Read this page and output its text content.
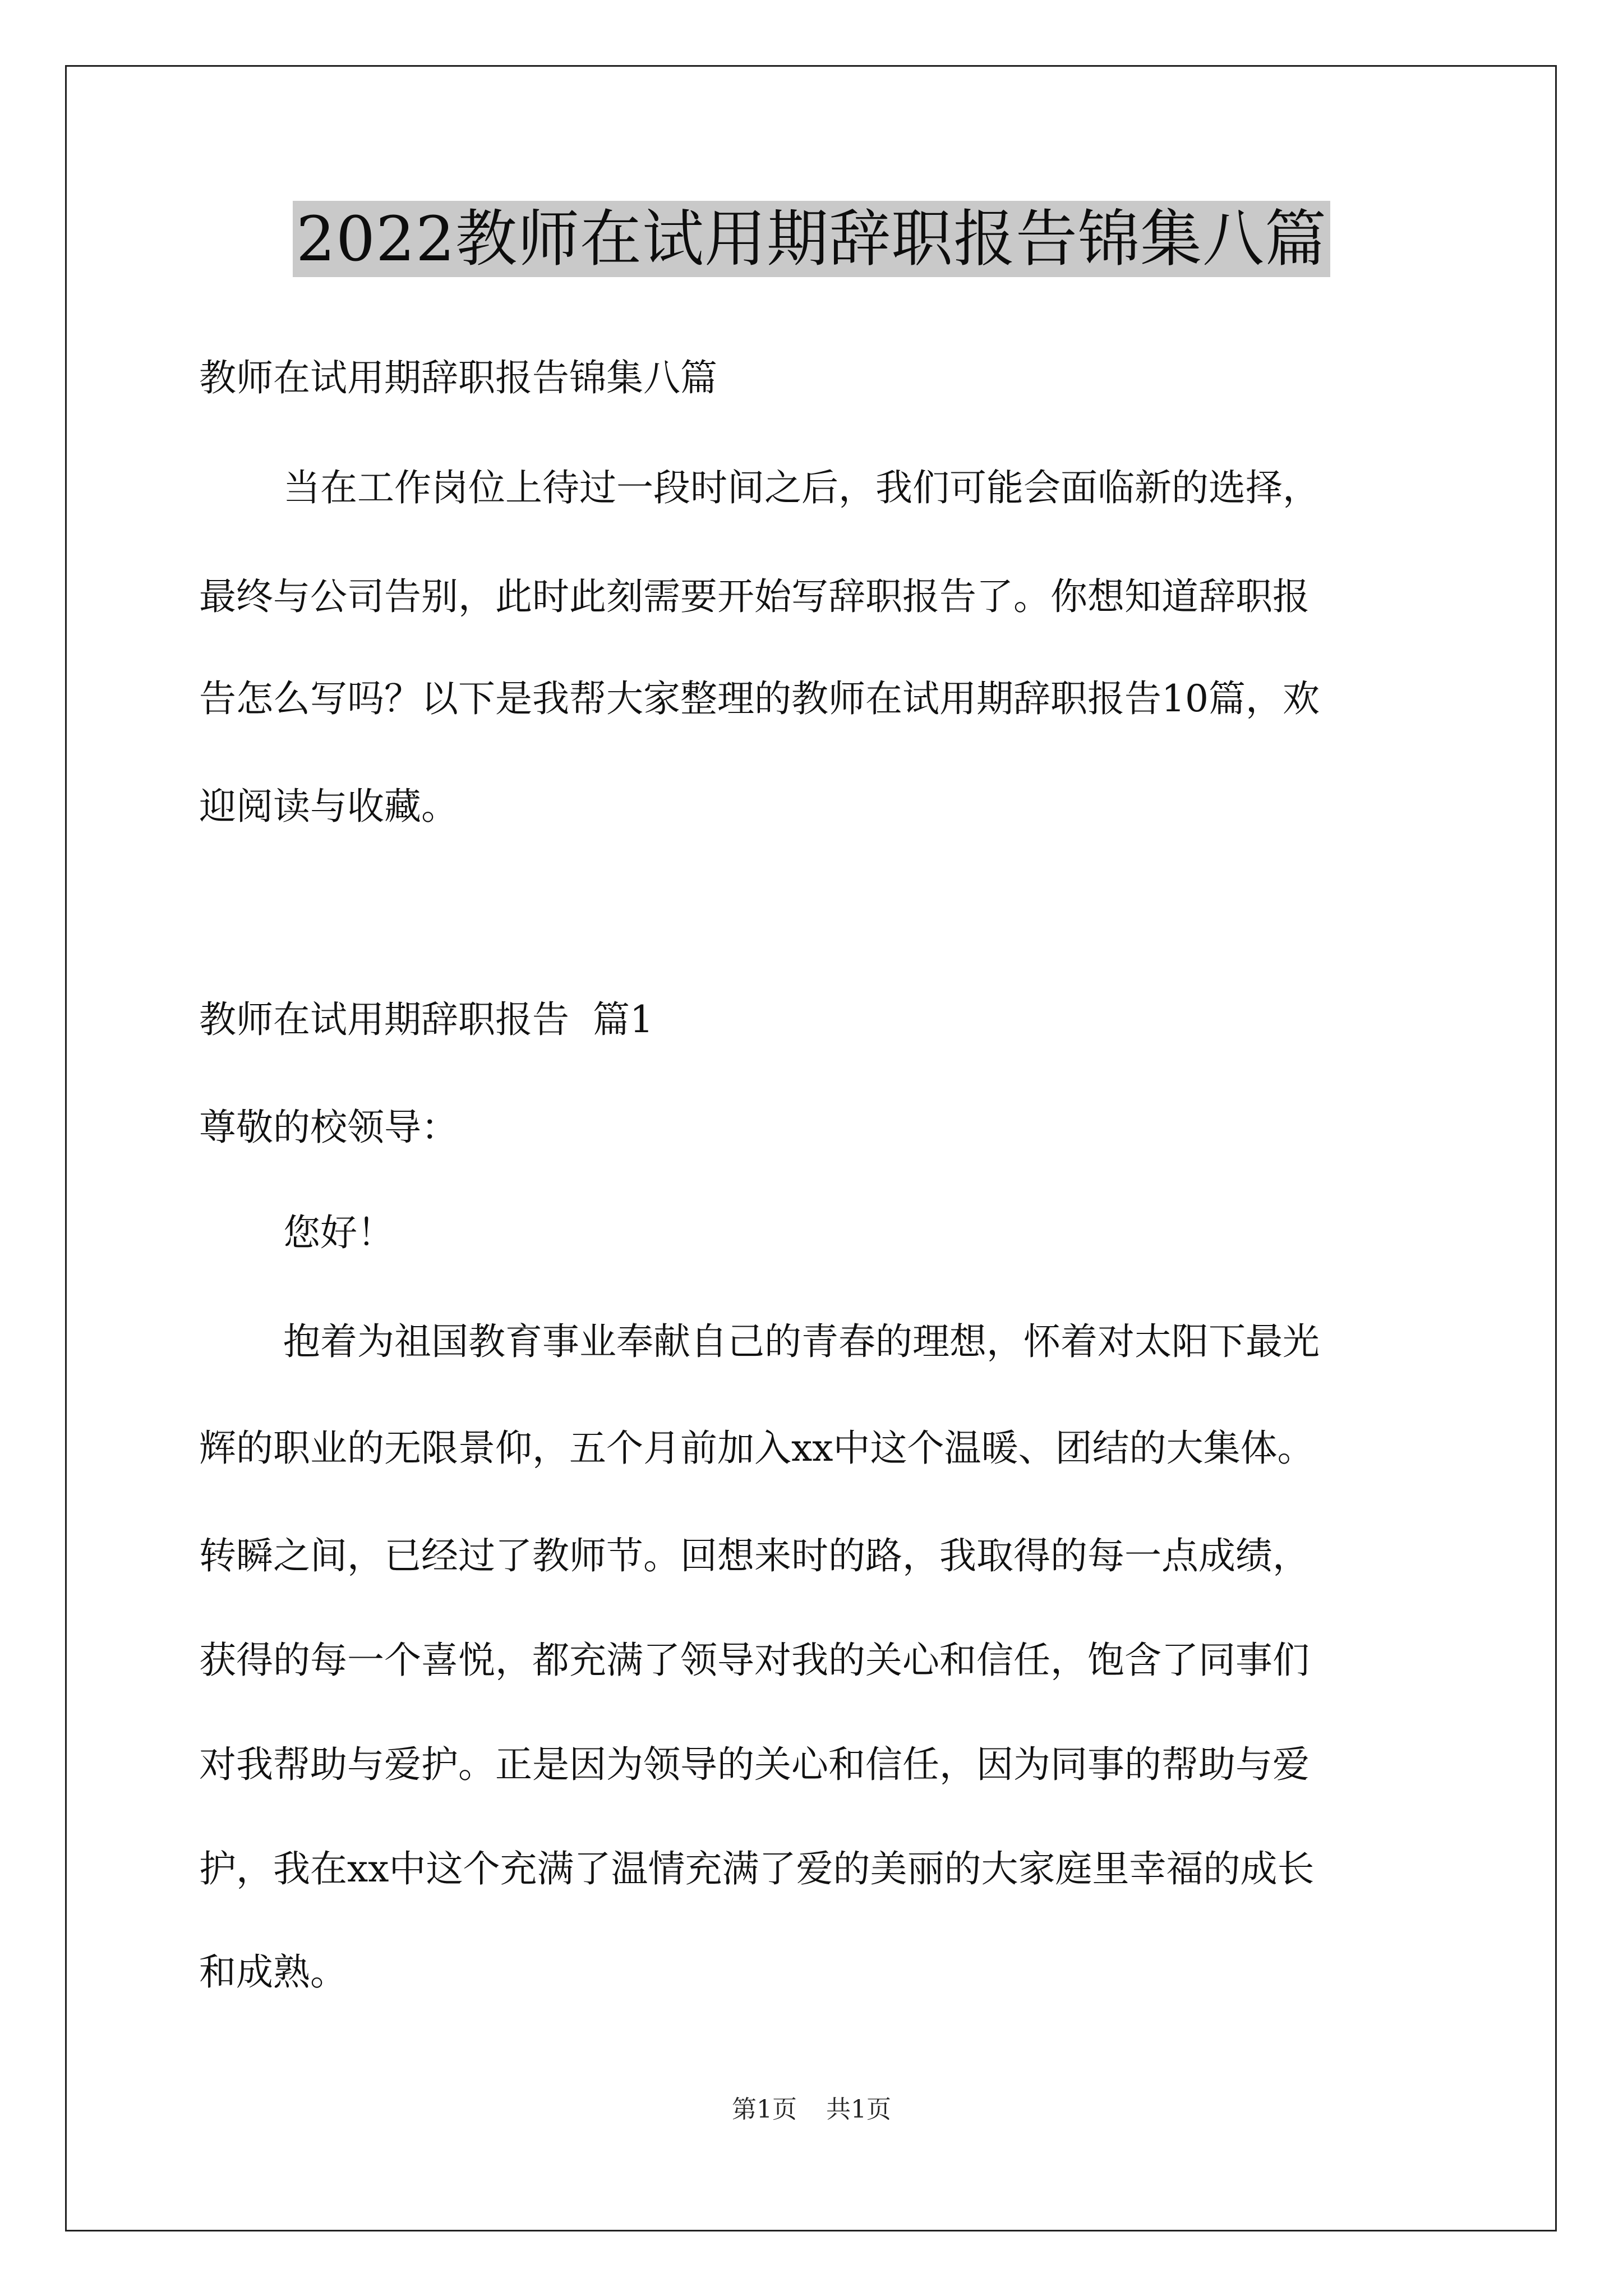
2022教师在试用期辞职报告锦集八篇
教师在试用期辞职报告锦集八篇
当在工作岗位上待过一段时间之后，我们可能会面临新的选择，
最终与公司告别，此时此刻需要开始写辞职报告了。你想知道辞职报
告怎么写吗？以下是我帮大家整理的教师在试用期辞职报告10篇，欢
迎阅读与收藏。
教师在试用期辞职报告  篇1
尊敬的校领导：
您好！
抱着为祖国教育事业奉献自己的青春的理想，怀着对太阳下最光
辉的职业的无限景仰，五个月前加入xx中这个温暖、团结的大集体。
转瞬之间，已经过了教师节。回想来时的路，我取得的每一点成绩，
获得的每一个喜悦，都充满了领导对我的关心和信任，饱含了同事们
对我帮助与爱护。正是因为领导的关心和信任，因为同事的帮助与爱
护，我在xx中这个充满了温情充满了爱的美丽的大家庭里幸福的成长
和成熟。
第1页 共1页
